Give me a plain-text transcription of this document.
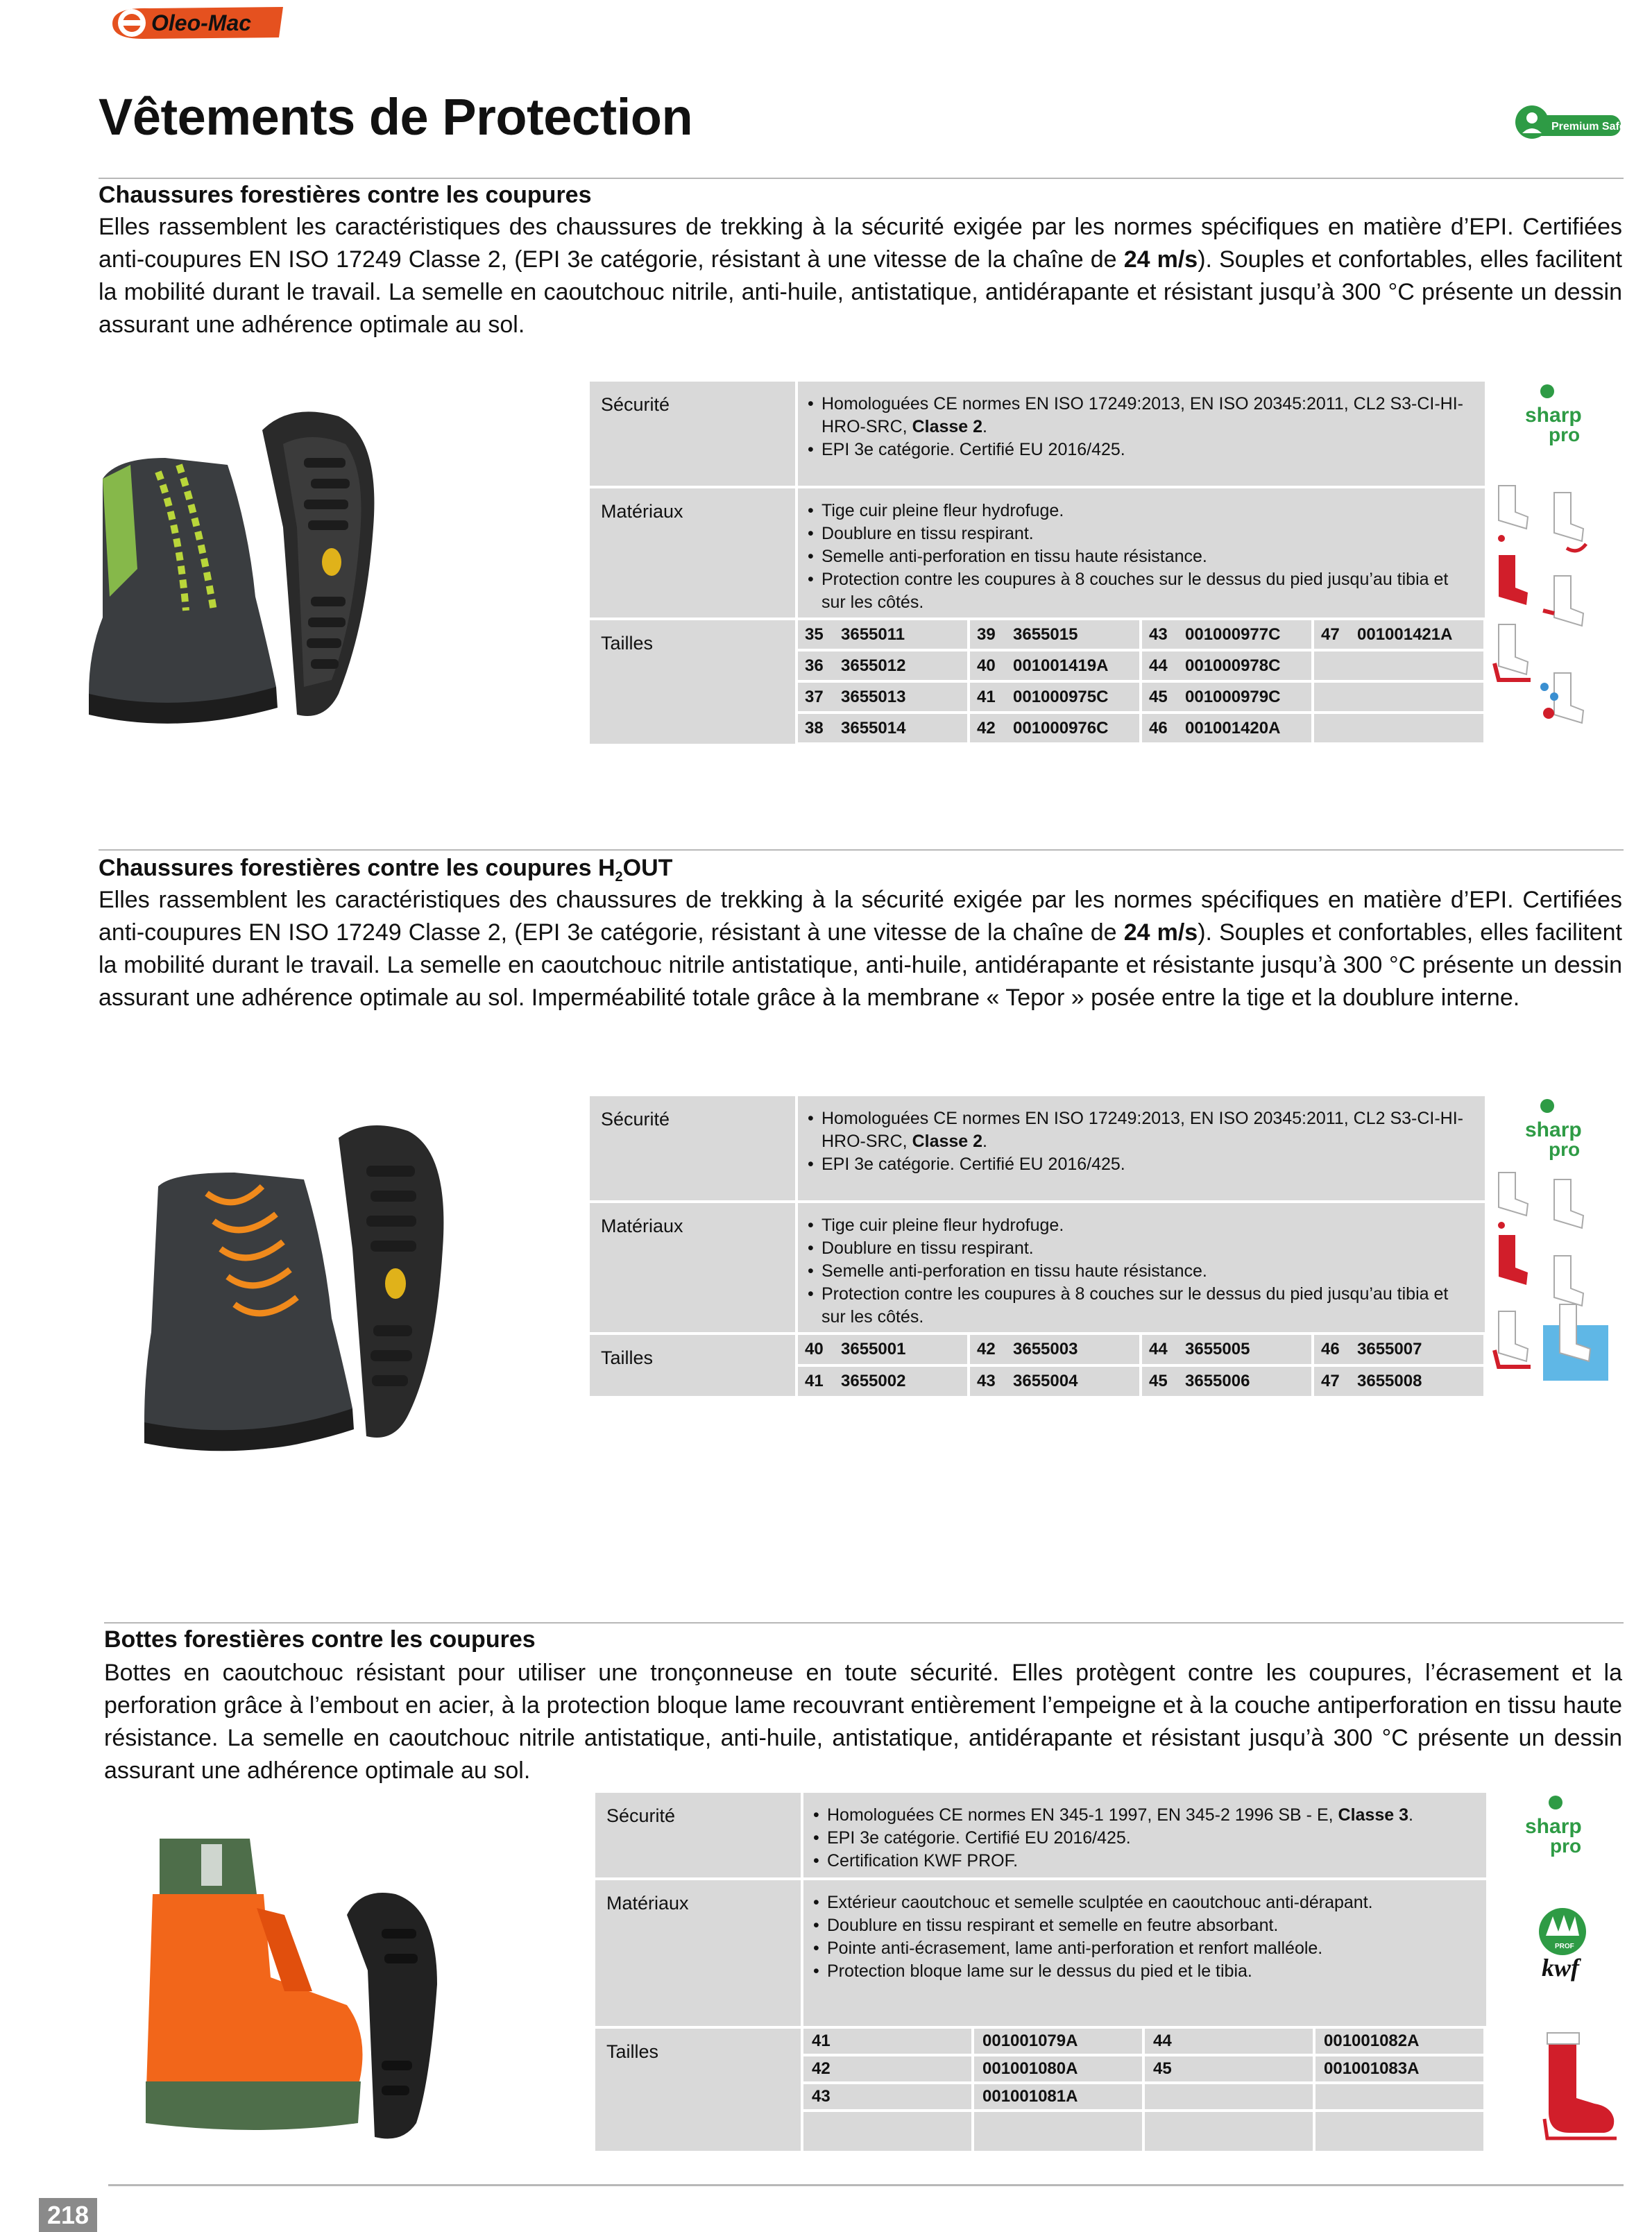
Oleo-Mac
Vêtements de Protection	Premium Safety
Chaussures forestières contre les coupures
Elles rassemblent les caractéristiques des chaussures de trekking à la sécurité exigée par les normes spécifiques en matière d’EPI. Certifiées anti-coupures EN ISO 17249 Classe 2, (EPI 3e catégorie, résistant à une vitesse de la chaîne de 24 m/s). Souples et confortables, elles facilitent la mobilité durant le travail. La semelle en caoutchouc nitrile, anti-huile, antistatique, antidérapante et résistant jusqu’à 300 °C présente un dessin assurant une adhérence optimale au sol.
Sécurité	• Homologuées CE normes EN ISO 17249:2013, EN ISO 20345:2011, CL2 S3-CI-HI-HRO-SRC, Classe 2.
• EPI 3e catégorie. Certifié EU 2016/425.
Matériaux	• Tige cuir pleine fleur hydrofuge.
• Doublure en tissu respirant.
• Semelle anti-perforation en tissu haute résistance.
• Protection contre les coupures à 8 couches sur le dessus du pied jusqu’au tibia et sur les côtés.
Tailles	35	3655011	39	3655015	43	001000977C	47	001001421A
36	3655012	40	001001419A	44	001000978C
37	3655013	41	001000975C	45	001000979C
38	3655014	42	001000976C	46	001001420A
sharp
pro
Chaussures forestières contre les coupures $H_2OUT$
Elles rassemblent les caractéristiques des chaussures de trekking à la sécurité exigée par les normes spécifiques en matière d’EPI. Certifiées anti-coupures EN ISO 17249 Classe 2, (EPI 3e catégorie, résistant à une vitesse de la chaîne de 24 m/s). Souples et confortables, elles facilitent la mobilité durant le travail. La semelle en caoutchouc nitrile antistatique, anti-huile, antidérapante et résistante jusqu’à 300 °C présente un dessin assurant une adhérence optimale au sol. Imperméabilité totale grâce à la membrane « Tepor » posée entre la tige et la doublure interne.
Sécurité	• Homologuées CE normes EN ISO 17249:2013, EN ISO 20345:2011, CL2 S3-CI-HI-HRO-SRC, Classe 2.
• EPI 3e catégorie. Certifié EU 2016/425.
Matériaux	• Tige cuir pleine fleur hydrofuge.
• Doublure en tissu respirant.
• Semelle anti-perforation en tissu haute résistance.
• Protection contre les coupures à 8 couches sur le dessus du pied jusqu’au tibia et sur les côtés.
Tailles	40	3655001	42	3655003	44	3655005	46	3655007
41	3655002	43	3655004	45	3655006	47	3655008
sharp
pro
Bottes forestières contre les coupures
Bottes en caoutchouc résistant pour utiliser une tronçonneuse en toute sécurité. Elles protègent contre les coupures, l’écrasement et la perforation grâce à l’embout en acier, à la protection bloque lame recouvrant entièrement l’empeigne et à la couche antiperforation en tissu haute résistance. La semelle en caoutchouc nitrile antistatique, anti-huile, antistatique, antidérapante et résistant jusqu’à 300 °C présente un dessin assurant une adhérence optimale au sol.
Sécurité	• Homologuées CE normes EN 345-1 1997, EN 345-2 1996 SB - E, Classe 3.
• EPI 3e catégorie. Certifié EU 2016/425.
• Certification KWF PROF.
Matériaux	• Extérieur caoutchouc et semelle sculptée en caoutchouc anti-dérapant.
• Doublure en tissu respirant et semelle en feutre absorbant.
• Pointe anti-écrasement, lame anti-perforation et renfort malléole.
• Protection bloque lame sur le dessus du pied et le tibia.
Tailles
41	001001079A	44	001001082A
42	001001080A	45	001001083A
43	001001081A
sharp
pro
PROF
kwf
218
